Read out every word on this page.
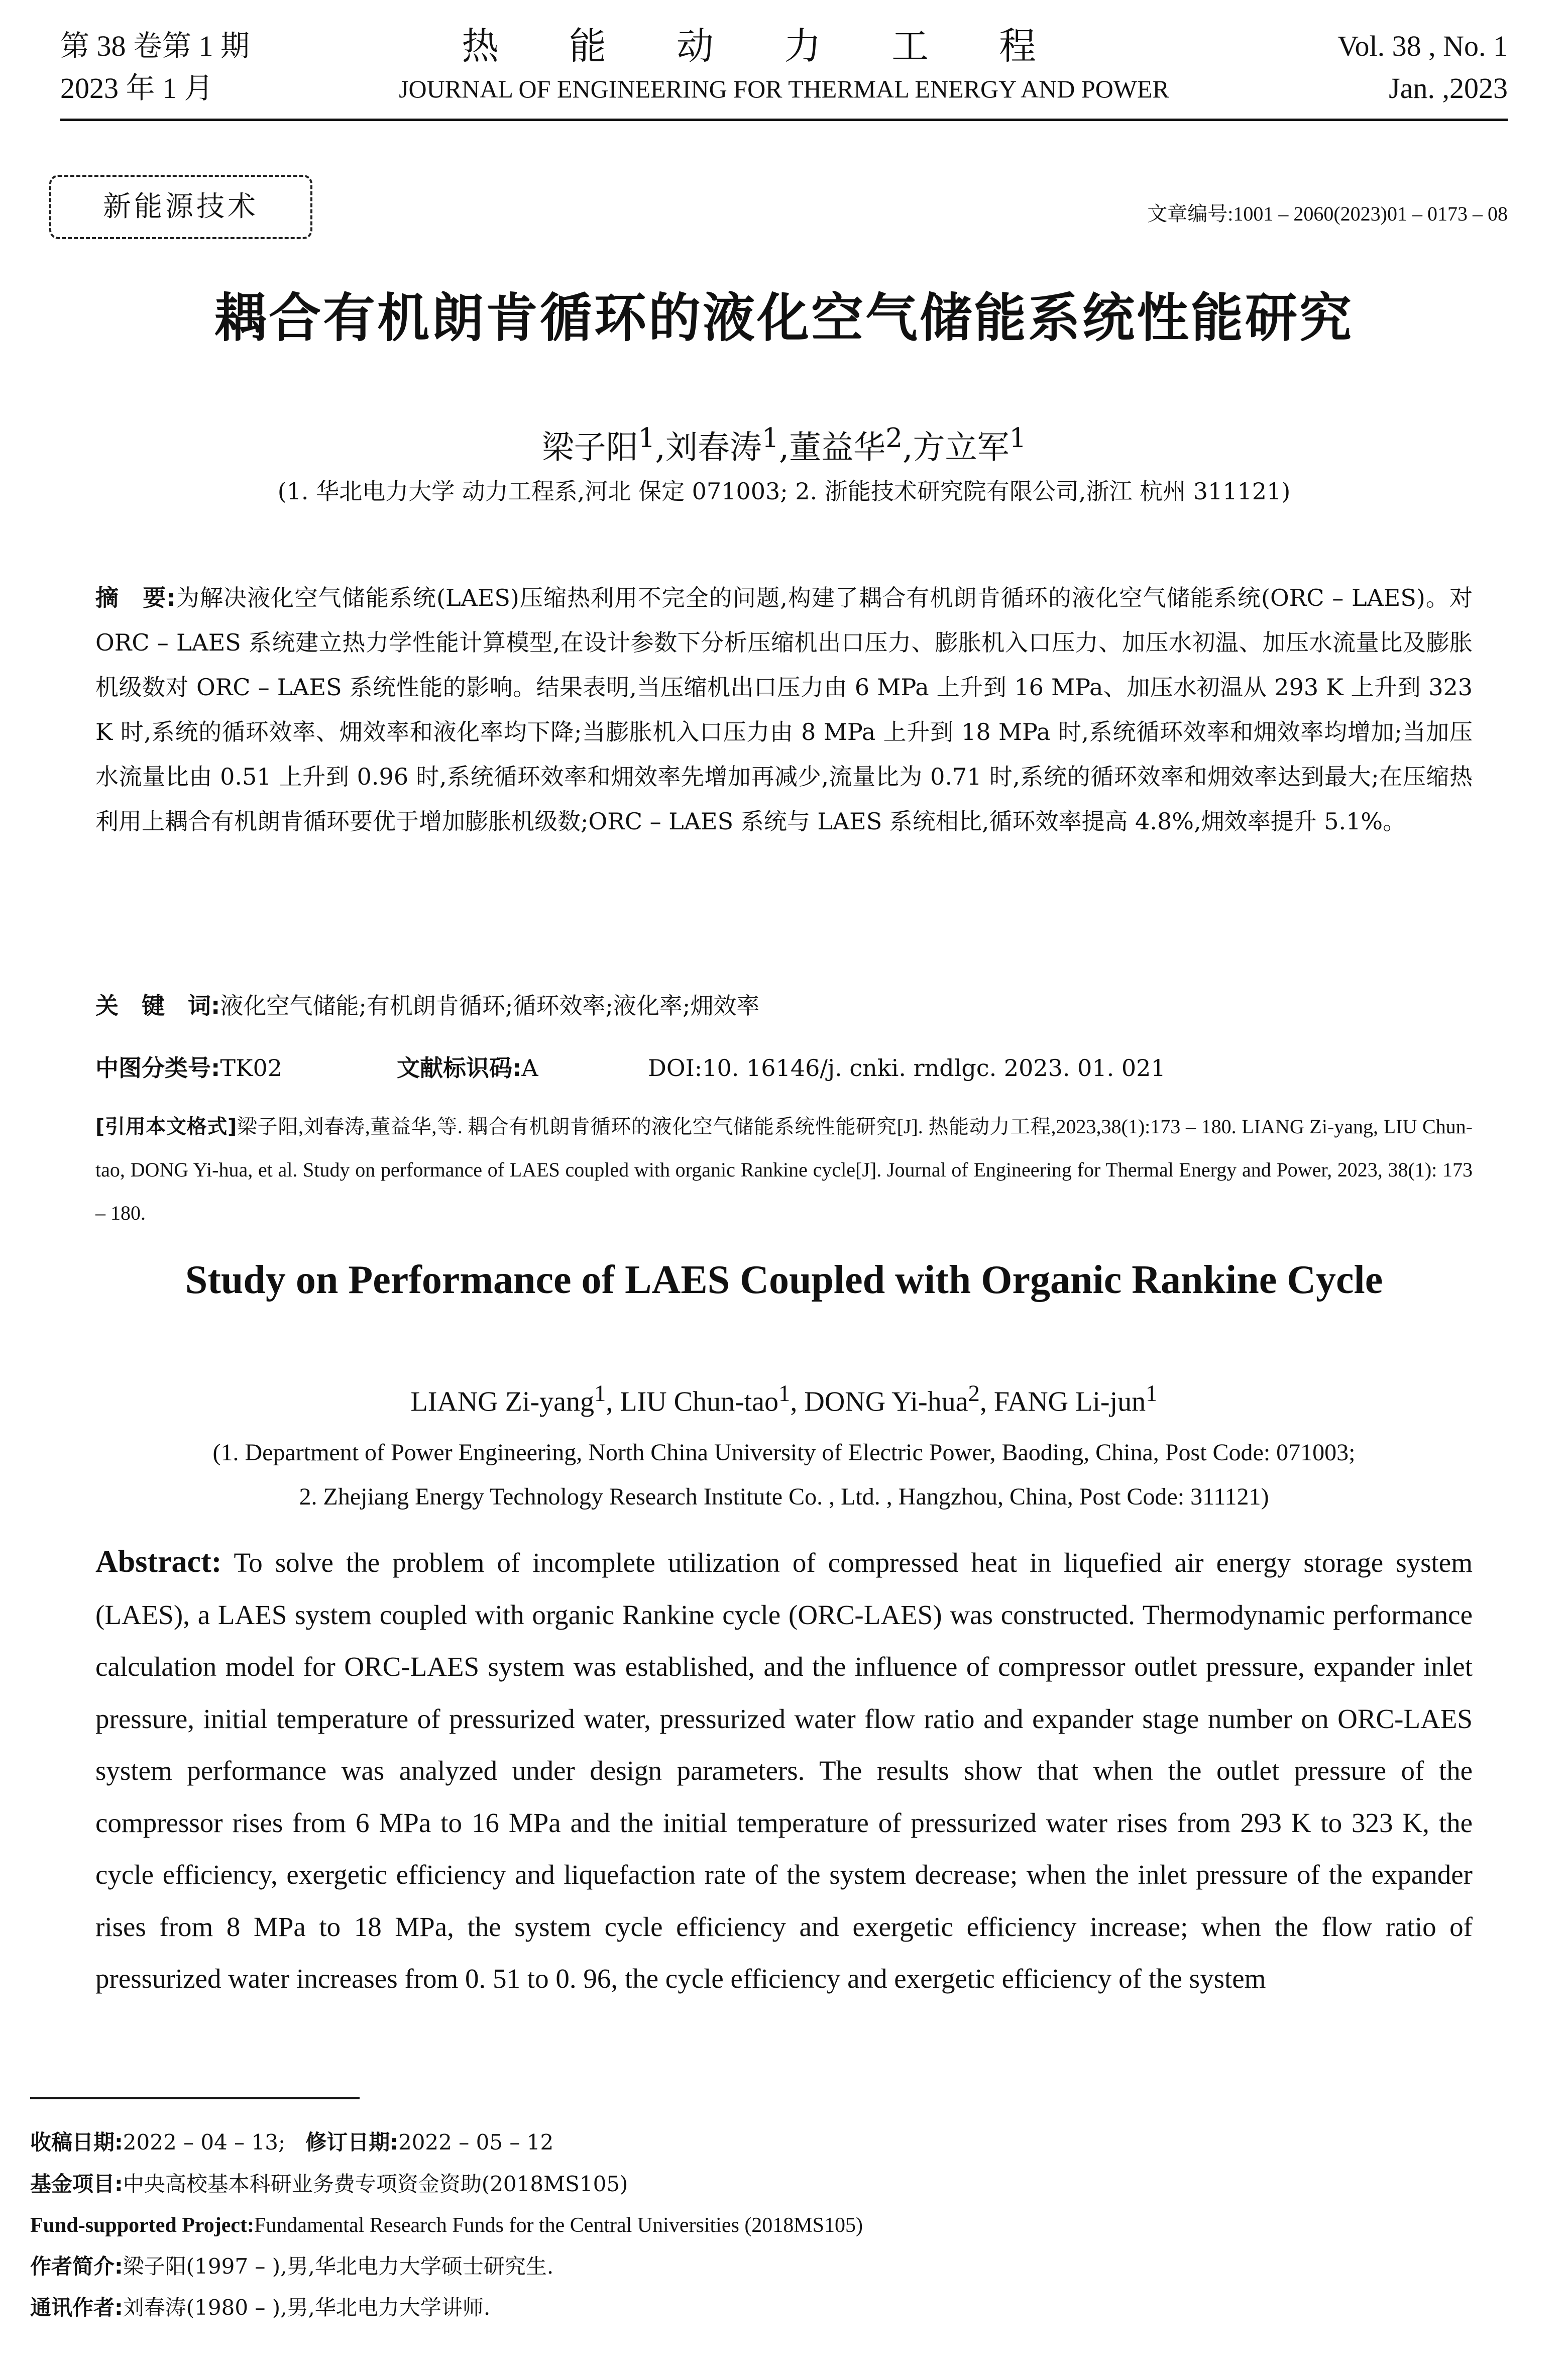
第 38 卷第 1 期
2023 年 1 月
热能动力工程
JOURNAL OF ENGINEERING FOR THERMAL ENERGY AND POWER
Vol. 38 , No. 1
Jan. ,2023
新能源技术	文章编号:1001 – 2060(2023)01 – 0173 – 08
耦合有机朗肯循环的液化空气储能系统性能研究
梁子阳$^1$,刘春涛$^1$,董益华$^2$,方立军$^1$
(1. 华北电力大学 动力工程系,河北 保定 071003; 2. 浙能技术研究院有限公司,浙江 杭州 311121)
摘　要:为解决液化空气储能系统(LAES)压缩热利用不完全的问题,构建了耦合有机朗肯循环的液化空气储能系统(ORC – LAES)。对 ORC – LAES 系统建立热力学性能计算模型,在设计参数下分析压缩机出口压力、膨胀机入口压力、加压水初温、加压水流量比及膨胀机级数对 ORC – LAES 系统性能的影响。结果表明,当压缩机出口压力由 6 MPa 上升到 16 MPa、加压水初温从 293 K 上升到 323 K 时,系统的循环效率、㶲效率和液化率均下降;当膨胀机入口压力由 8 MPa 上升到 18 MPa 时,系统循环效率和㶲效率均增加;当加压水流量比由 0.51 上升到 0.96 时,系统循环效率和㶲效率先增加再减少,流量比为 0.71 时,系统的循环效率和㶲效率达到最大;在压缩热利用上耦合有机朗肯循环要优于增加膨胀机级数;ORC – LAES 系统与 LAES 系统相比,循环效率提高 4.8%,㶲效率提升 5.1%。
关　键　词:液化空气储能;有机朗肯循环;循环效率;液化率;㶲效率
中图分类号:TK02	文献标识码:A	DOI:10. 16146/j. cnki. rndlgc. 2023. 01. 021
[引用本文格式]梁子阳,刘春涛,董益华,等. 耦合有机朗肯循环的液化空气储能系统性能研究[J]. 热能动力工程,2023,38(1):173 – 180. LIANG Zi-yang, LIU Chun-tao, DONG Yi-hua, et al. Study on performance of LAES coupled with organic Rankine cycle[J]. Journal of Engineering for Thermal Energy and Power, 2023, 38(1): 173 – 180.
Study on Performance of LAES Coupled with Organic Rankine Cycle
LIANG Zi-yang$^1$, LIU Chun-tao$^1$, DONG Yi-hua$^2$, FANG Li-jun$^1$
(1. Department of Power Engineering, North China University of Electric Power, Baoding, China, Post Code: 071003;
2. Zhejiang Energy Technology Research Institute Co. , Ltd. , Hangzhou, China, Post Code: 311121)
Abstract: To solve the problem of incomplete utilization of compressed heat in liquefied air energy storage system (LAES), a LAES system coupled with organic Rankine cycle (ORC-LAES) was constructed. Thermodynamic performance calculation model for ORC-LAES system was established, and the influence of compressor outlet pressure, expander inlet pressure, initial temperature of pressurized water, pressurized water flow ratio and expander stage number on ORC-LAES system performance was analyzed under design parameters. The results show that when the outlet pressure of the compressor rises from 6 MPa to 16 MPa and the initial temperature of pressurized water rises from 293 K to 323 K, the cycle efficiency, exergetic efficiency and liquefaction rate of the system decrease; when the inlet pressure of the expander rises from 8 MPa to 18 MPa, the system cycle efficiency and exergetic efficiency increase; when the flow ratio of pressurized water increases from 0. 51 to 0. 96, the cycle efficiency and exergetic efficiency of the system
收稿日期:2022 – 04 – 13; 修订日期:2022 – 05 – 12
基金项目:中央高校基本科研业务费专项资金资助(2018MS105)
Fund-supported Project:Fundamental Research Funds for the Central Universities (2018MS105)
作者简介:梁子阳(1997 – ),男,华北电力大学硕士研究生.
通讯作者:刘春涛(1980 – ),男,华北电力大学讲师.
